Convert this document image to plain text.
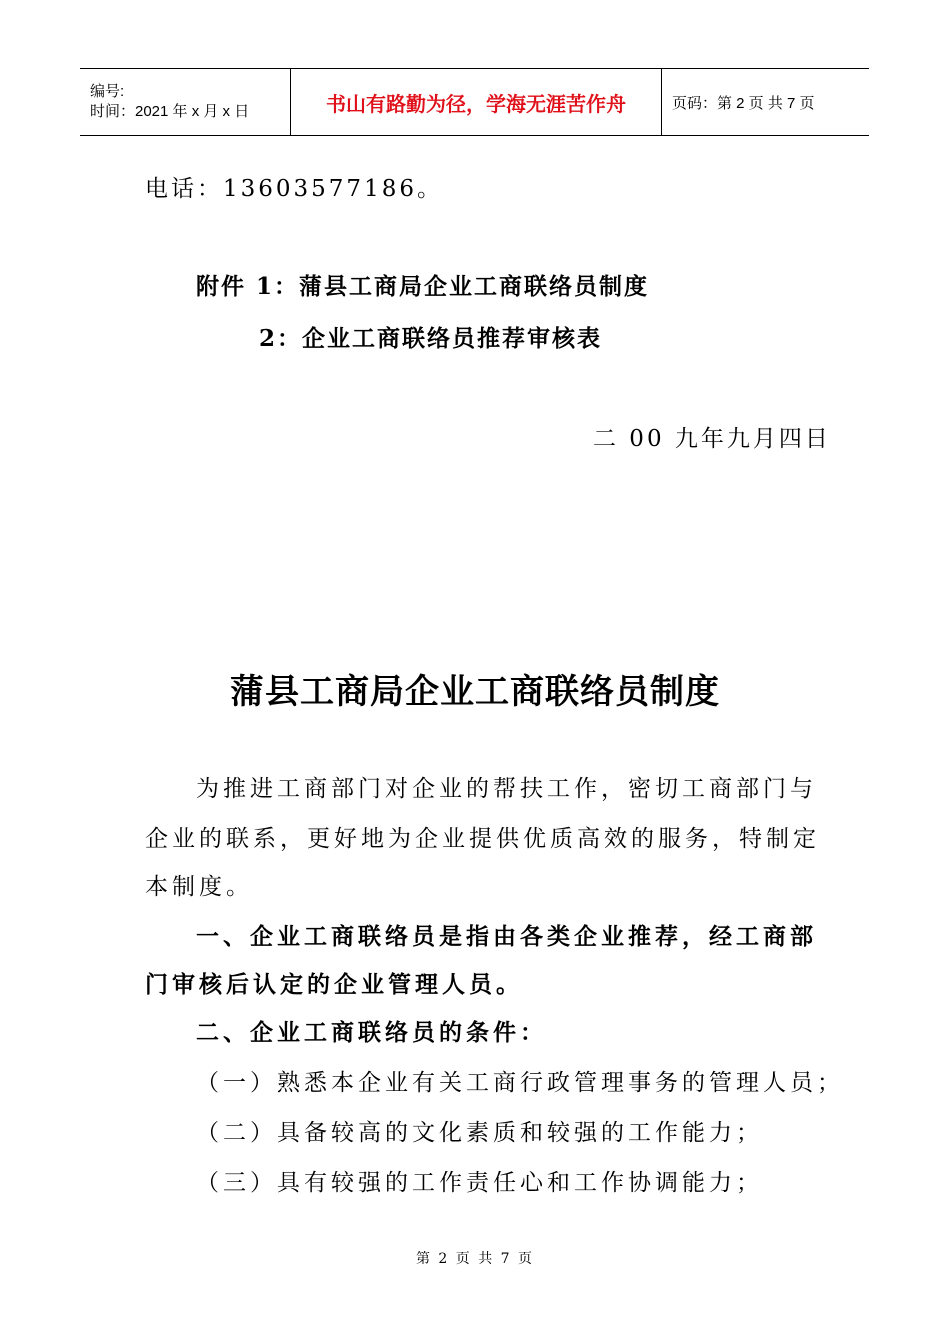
编号:
时间：2021 年 x 月 x 日	书山有路勤为径，学海无涯苦作舟	页码：第 2 页 共 7 页
电话：13603577186。
附件 1：蒲县工商局企业工商联络员制度
2：企业工商联络员推荐审核表
二 00 九年九月四日
蒲县工商局企业工商联络员制度
为推进工商部门对企业的帮扶工作，密切工商部门与
企业的联系，更好地为企业提供优质高效的服务，特制定
本制度。
一、企业工商联络员是指由各类企业推荐，经工商部
门审核后认定的企业管理人员。
二、企业工商联络员的条件：
（一）熟悉本企业有关工商行政管理事务的管理人员；
（二）具备较高的文化素质和较强的工作能力；
（三）具有较强的工作责任心和工作协调能力；
第 2 页 共 7 页
